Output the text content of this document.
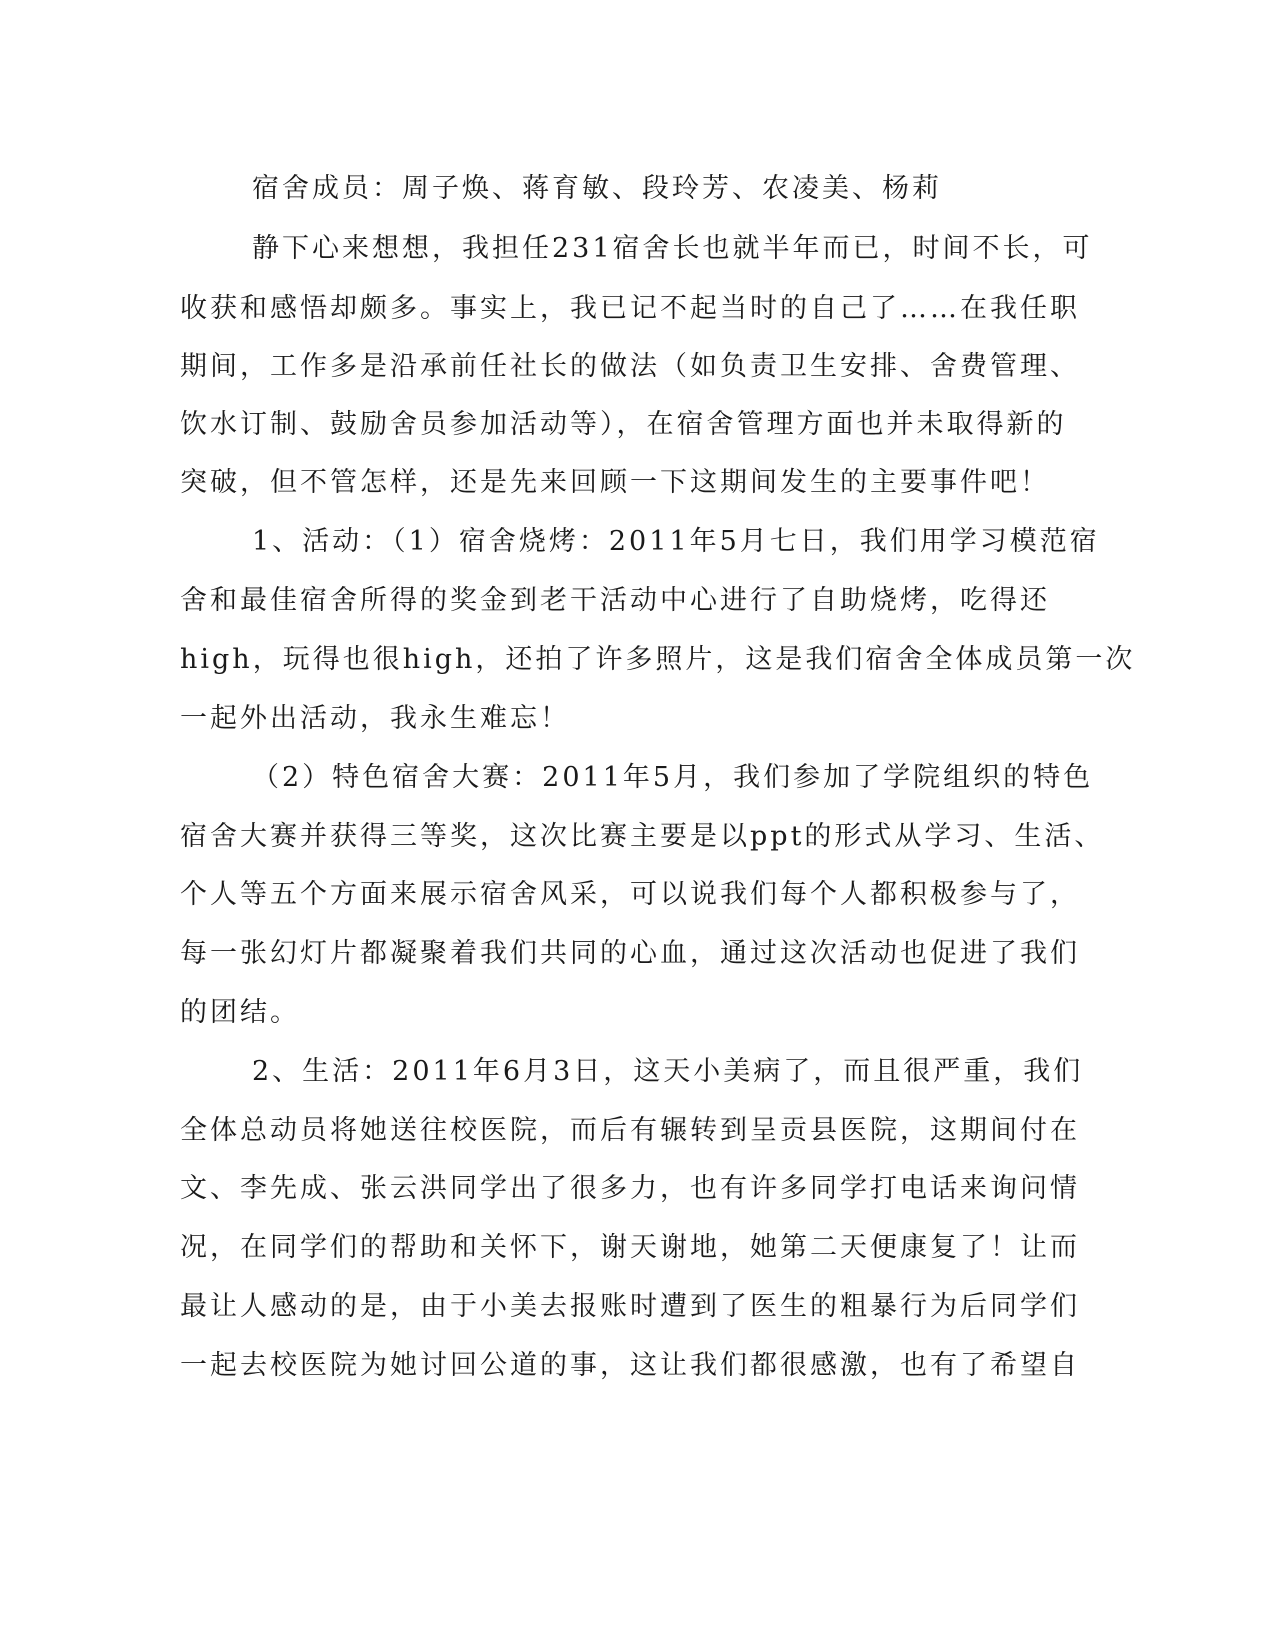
宿舍成员：周子焕、蒋育敏、段玲芳、农凌美、杨莉
静下心来想想，我担任231宿舍长也就半年而已，时间不长，可
收获和感悟却颇多。事实上，我已记不起当时的自己了……在我任职
期间，工作多是沿承前任社长的做法（如负责卫生安排、舍费管理、
饮水订制、鼓励舍员参加活动等），在宿舍管理方面也并未取得新的
突破，但不管怎样，还是先来回顾一下这期间发生的主要事件吧！
1、活动：（1）宿舍烧烤：2011年5月七日，我们用学习模范宿
舍和最佳宿舍所得的奖金到老干活动中心进行了自助烧烤，吃得还
high，玩得也很high，还拍了许多照片，这是我们宿舍全体成员第一次
一起外出活动，我永生难忘！
（2）特色宿舍大赛：2011年5月，我们参加了学院组织的特色
宿舍大赛并获得三等奖，这次比赛主要是以ppt的形式从学习、生活、
个人等五个方面来展示宿舍风采，可以说我们每个人都积极参与了，
每一张幻灯片都凝聚着我们共同的心血，通过这次活动也促进了我们
的团结。
2、生活：2011年6月3日，这天小美病了，而且很严重，我们
全体总动员将她送往校医院，而后有辗转到呈贡县医院，这期间付在
文、李先成、张云洪同学出了很多力，也有许多同学打电话来询问情
况，在同学们的帮助和关怀下，谢天谢地，她第二天便康复了！让而
最让人感动的是，由于小美去报账时遭到了医生的粗暴行为后同学们
一起去校医院为她讨回公道的事，这让我们都很感激，也有了希望自
